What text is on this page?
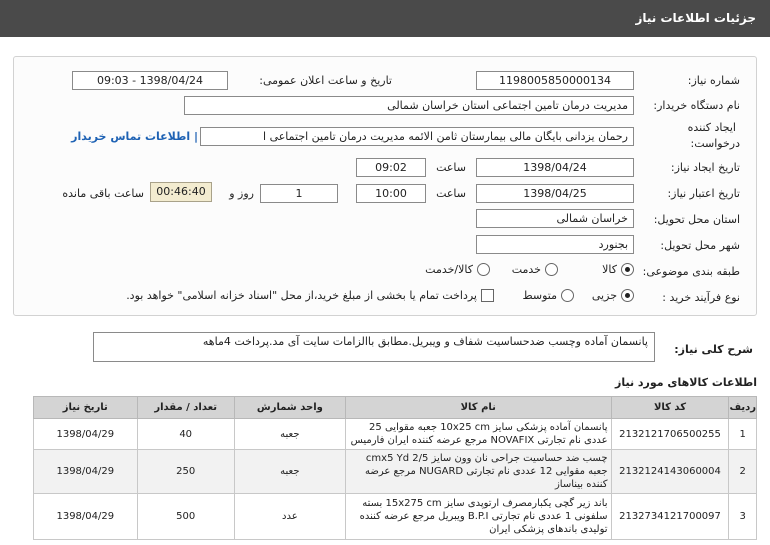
جزئیات اطلاعات نیاز
شماره نیاز:
1198005850000134
تاریخ و ساعت اعلان عمومی:
1398/04/24 - 09:03
نام دستگاه خریدار:
مدیریت درمان تامین اجتماعی استان خراسان شمالی
ایجاد کننده
درخواست:
رحمان یزدانی بایگان مالی بیمارستان ثامن الائمه مدیریت درمان تامین اجتماعی ا
| اطلاعات تماس خریدار
تاریخ ایجاد نیاز:
1398/04/24
ساعت
09:02
تاریخ اعتبار نیاز:
1398/04/25
ساعت
10:00
1
روز و
00:46:40
ساعت باقی مانده
استان محل تحویل:
خراسان شمالی
شهر محل تحویل:
بجنورد
طبقه بندی موضوعی:
کالا
خدمت
کالا/خدمت
نوع فرآیند خرید :
جزیی
متوسط
پرداخت تمام یا بخشی از مبلغ خرید،از محل "اسناد خزانه اسلامی" خواهد بود.
شرح کلی نیاز:
پانسمان آماده وچسب ضدحساسیت شفاف و ویبریل.مطابق باالزامات سایت آی مد.پرداخت 4ماهه
اطلاعات کالاهای مورد نیاز
ردیف	کد کالا	نام کالا	واحد شمارش	تعداد / مقدار	تاریخ نیاز
1	2132121706500255	پانسمان آماده پزشکی سایز 10x25 cm جعبه مقوایی 25 عددی نام تجارتی NOVAFIX مرجع عرضه کننده ایران فارمیس	جعبه	40	1398/04/29
2	2132124143060004	چسب ضد حساسیت جراحی نان وون سایز cmx5 Yd 2/5 جعبه مقوایی 12 عددی نام تجارتی NUGARD مرجع عرضه کننده بیناساز	جعبه	250	1398/04/29
3	2132734121700097	باند زیر گچی یکبارمصرف ارتوپدی سایز 15x275 cm بسته سلفونی 1 عددی نام تجارتی B.P.I ویبریل مرجع عرضه کننده تولیدی باندهای پزشکی ایران	عدد	500	1398/04/29
